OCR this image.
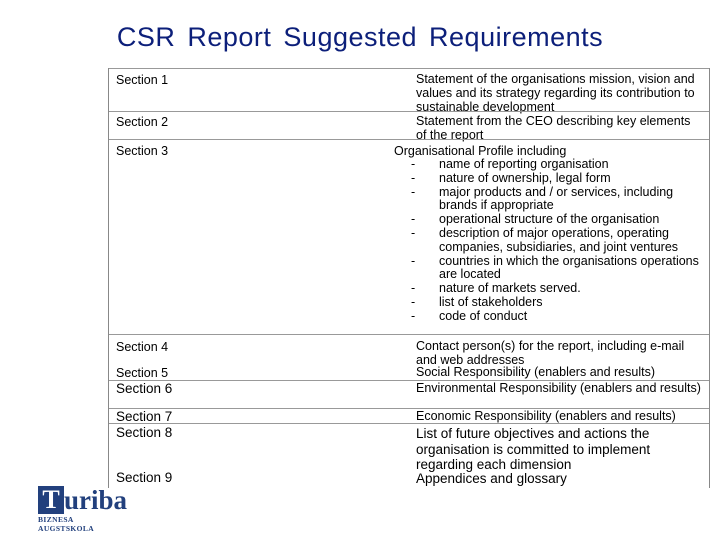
CSR Report Suggested Requirements
Section 1	Statement of the organisations mission, vision and values and its strategy regarding its contribution to sustainable development
Section 2	Statement from the CEO describing key elements of the report
Section 3	Organisational Profile including
- name of reporting organisation
- nature of ownership, legal form
- major products and / or services, including brands if appropriate
- operational structure of the organisation
- description of major operations, operating companies, subsidiaries, and joint ventures
- countries in which the organisations operations are located
- nature of markets served.
- list of stakeholders
- code of conduct
Section 4	Contact person(s) for the report, including e-mail and web addresses
Section 5	Social Responsibility (enablers and results)
Section 6	Environmental Responsibility (enablers and results)
Section 7	Economic Responsibility (enablers and results)
Section 8	List of future objectives and actions the organisation is committed to implement regarding each dimension
Section 9	Appendices and glossary
T uriba
BIZNESA AUGSTSKOLA
